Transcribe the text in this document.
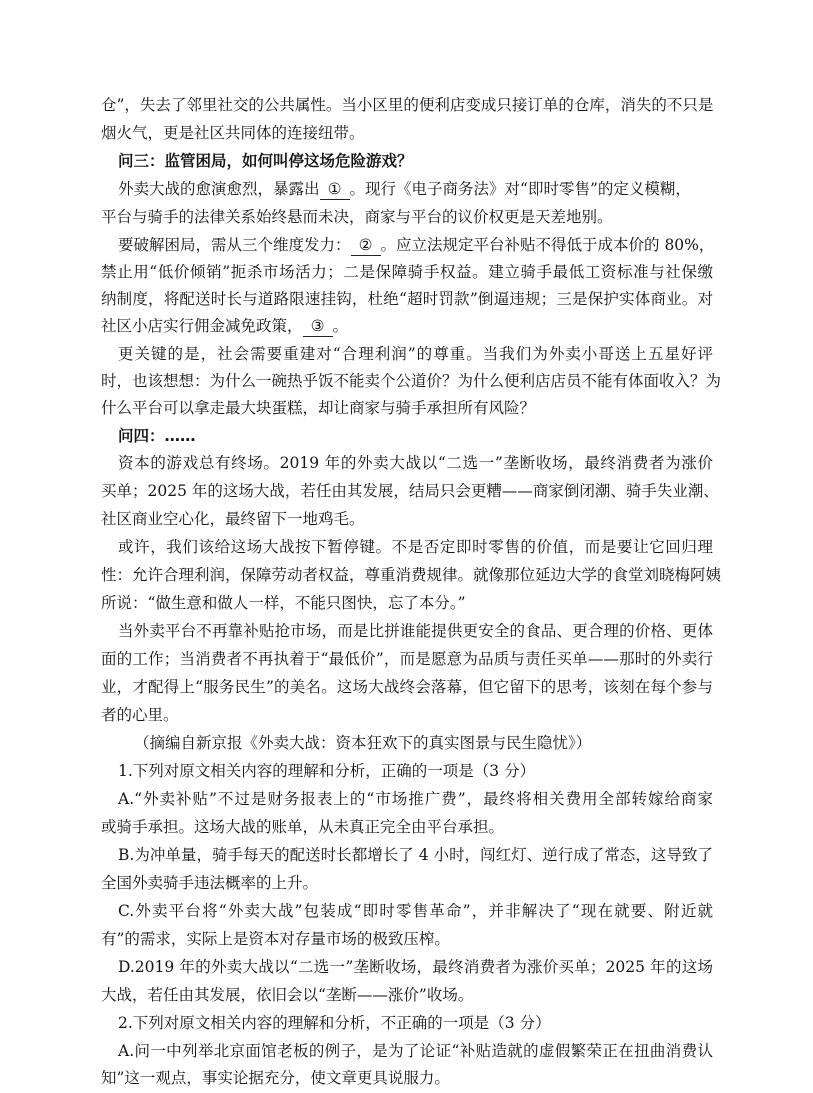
仓”，失去了邻里社交的公共属性。当小区里的便利店变成只接订单的仓库，消失的不只是
烟火气，更是社区共同体的连接纽带。
问三：监管困局，如何叫停这场危险游戏？
外卖大战的愈演愈烈，暴露出 ① 。现行《电子商务法》对“即时零售”的定义模糊，
平台与骑手的法律关系始终悬而未决，商家与平台的议价权更是天差地别。
要破解困局，需从三个维度发力： ② 。应立法规定平台补贴不得低于成本价的 80%，
禁止用“低价倾销”扼杀市场活力；二是保障骑手权益。建立骑手最低工资标准与社保缴
纳制度，将配送时长与道路限速挂钩，杜绝“超时罚款”倒逼违规；三是保护实体商业。对
社区小店实行佣金减免政策， ③ 。
更关键的是，社会需要重建对“合理利润”的尊重。当我们为外卖小哥送上五星好评
时，也该想想：为什么一碗热乎饭不能卖个公道价？为什么便利店店员不能有体面收入？为
什么平台可以拿走最大块蛋糕，却让商家与骑手承担所有风险？
问四：……
资本的游戏总有终场。2019 年的外卖大战以“二选一”垄断收场，最终消费者为涨价
买单；2025 年的这场大战，若任由其发展，结局只会更糟——商家倒闭潮、骑手失业潮、
社区商业空心化，最终留下一地鸡毛。
或许，我们该给这场大战按下暂停键。不是否定即时零售的价值，而是要让它回归理
性：允许合理利润，保障劳动者权益，尊重消费规律。就像那位延边大学的食堂刘晓梅阿姨
所说：“做生意和做人一样，不能只图快，忘了本分。”
当外卖平台不再靠补贴抢市场，而是比拼谁能提供更安全的食品、更合理的价格、更体
面的工作；当消费者不再执着于“最低价”，而是愿意为品质与责任买单——那时的外卖行
业，才配得上“服务民生”的美名。这场大战终会落幕，但它留下的思考，该刻在每个参与
者的心里。
（摘编自新京报《外卖大战：资本狂欢下的真实图景与民生隐忧》）
1.下列对原文相关内容的理解和分析，正确的一项是（3 分）
A.“外卖补贴”不过是财务报表上的“市场推广费”，最终将相关费用全部转嫁给商家
或骑手承担。这场大战的账单，从未真正完全由平台承担。
B.为冲单量，骑手每天的配送时长都增长了 4 小时，闯红灯、逆行成了常态，这导致了
全国外卖骑手违法概率的上升。
C.外卖平台将“外卖大战”包装成“即时零售革命”，并非解决了“现在就要、附近就
有”的需求，实际上是资本对存量市场的极致压榨。
D.2019 年的外卖大战以“二选一”垄断收场，最终消费者为涨价买单；2025 年的这场
大战，若任由其发展，依旧会以“垄断——涨价”收场。
2.下列对原文相关内容的理解和分析，不正确的一项是（3 分）
A.问一中列举北京面馆老板的例子，是为了论证“补贴造就的虚假繁荣正在扭曲消费认
知”这一观点，事实论据充分，使文章更具说服力。
